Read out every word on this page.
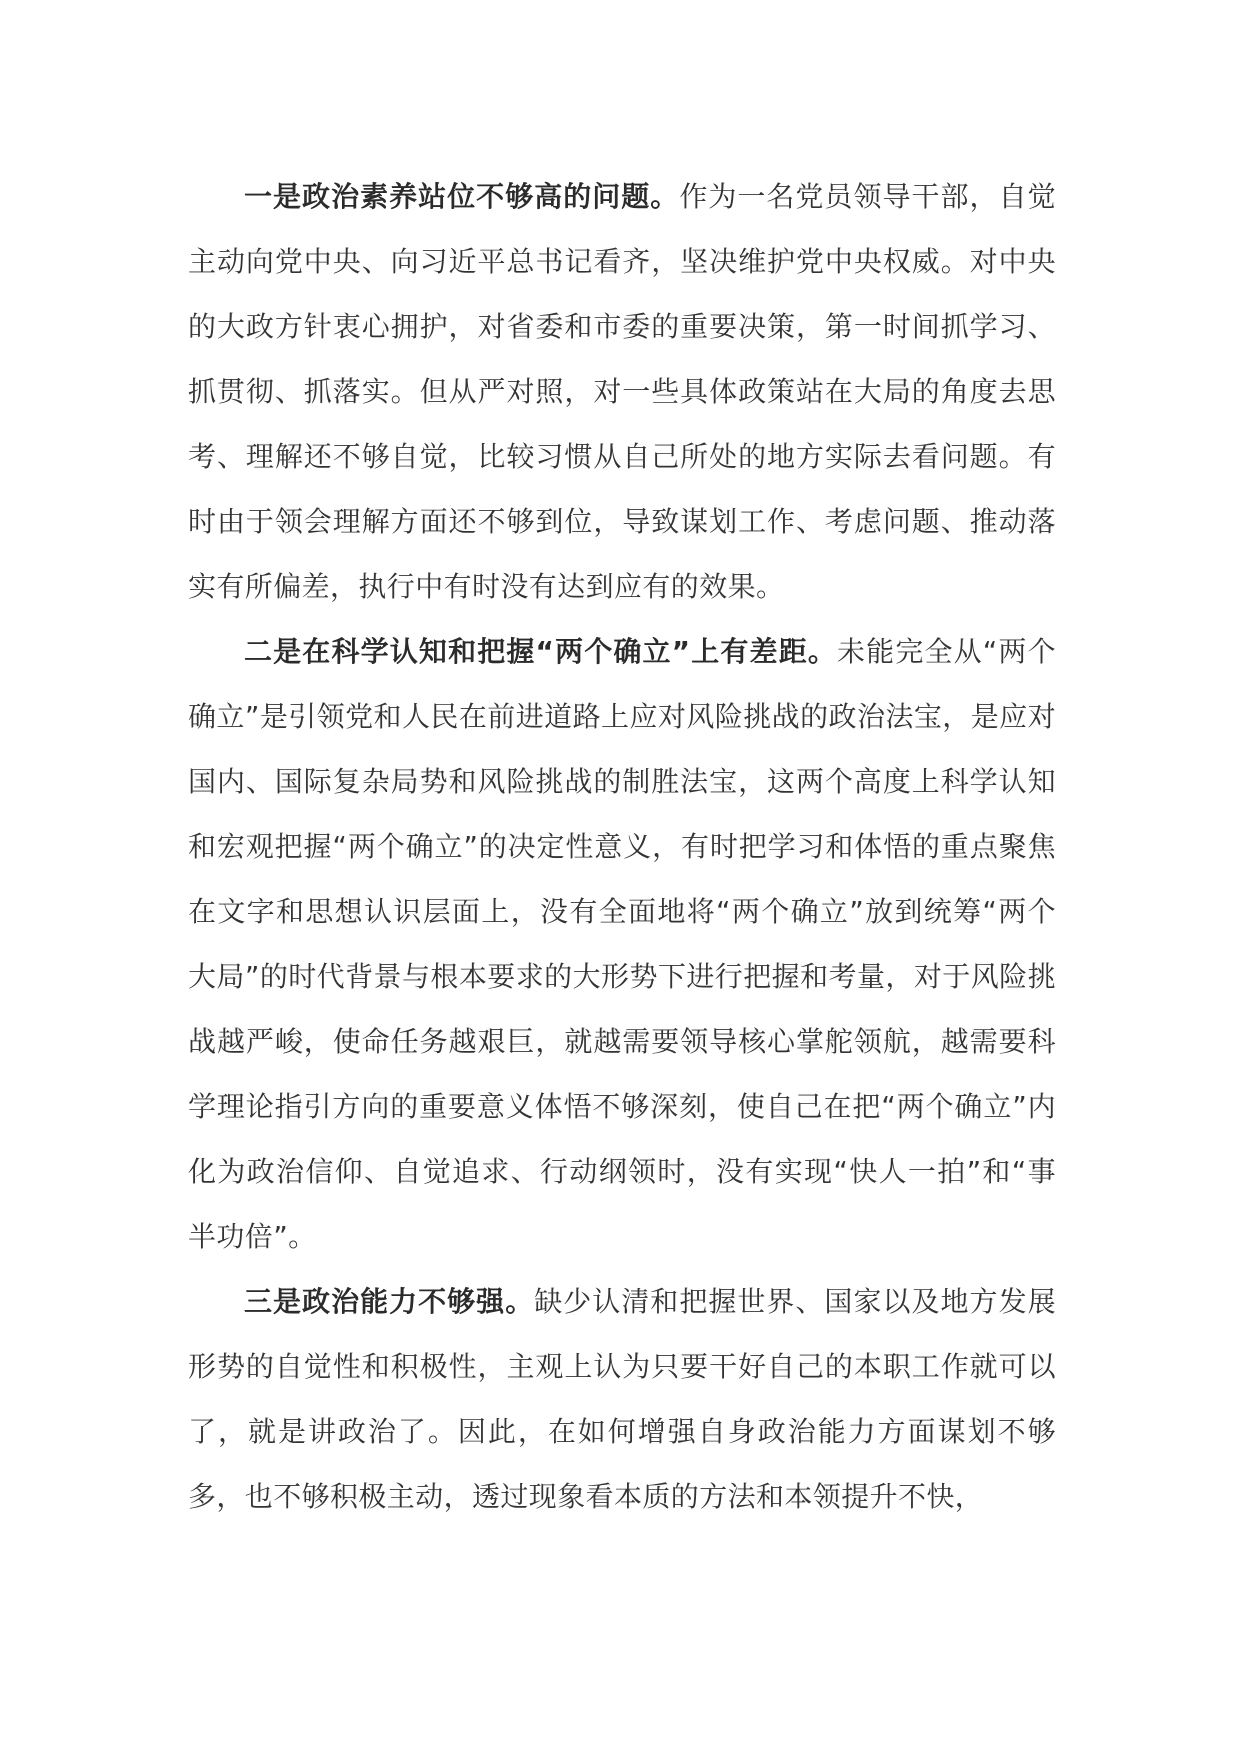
一是政治素养站位不够高的问题。作为一名党员领导干部，自觉主动向党中央、向习近平总书记看齐，坚决维护党中央权威。对中央的大政方针衷心拥护，对省委和市委的重要决策，第一时间抓学习、抓贯彻、抓落实。但从严对照，对一些具体政策站在大局的角度去思考、理解还不够自觉，比较习惯从自己所处的地方实际去看问题。有时由于领会理解方面还不够到位，导致谋划工作、考虑问题、推动落实有所偏差，执行中有时没有达到应有的效果。

二是在科学认知和把握“两个确立”上有差距。未能完全从“两个确立”是引领党和人民在前进道路上应对风险挑战的政治法宝，是应对国内、国际复杂局势和风险挑战的制胜法宝，这两个高度上科学认知和宏观把握“两个确立”的决定性意义，有时把学习和体悟的重点聚焦在文字和思想认识层面上，没有全面地将“两个确立”放到统筹“两个大局”的时代背景与根本要求的大形势下进行把握和考量，对于风险挑战越严峻，使命任务越艰巨，就越需要领导核心掌舵领航，越需要科学理论指引方向的重要意义体悟不够深刻，使自己在把“两个确立”内化为政治信仰、自觉追求、行动纲领时，没有实现“快人一拍”和“事半功倍”。

三是政治能力不够强。缺少认清和把握世界、国家以及地方发展形势的自觉性和积极性，主观上认为只要干好自己的本职工作就可以了，就是讲政治了。因此，在如何增强自身政治能力方面谋划不够多，也不够积极主动，透过现象看本质的方法和本领提升不快，
